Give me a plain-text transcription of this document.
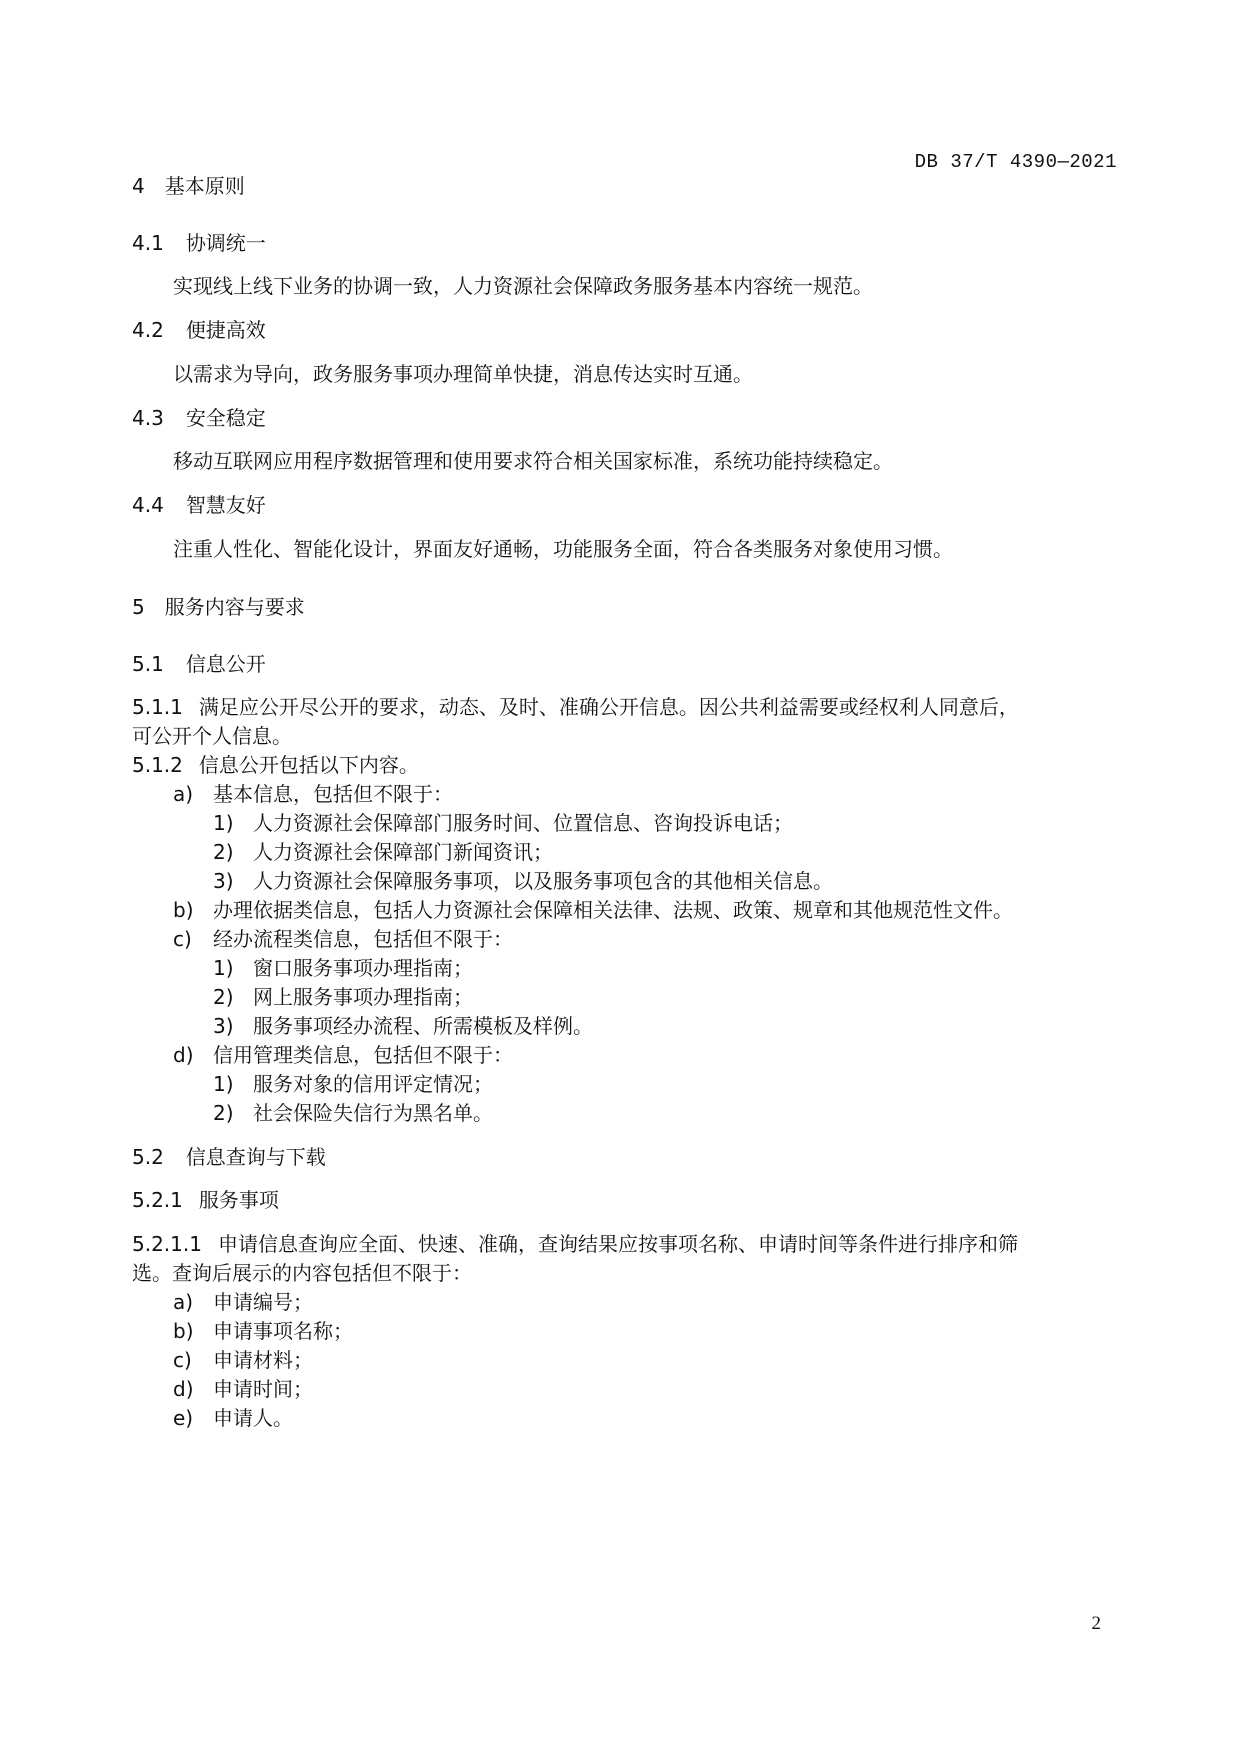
DB 37/T 4390—2021
4 基本原则
4.1 协调统一
实现线上线下业务的协调一致，人力资源社会保障政务服务基本内容统一规范。
4.2 便捷高效
以需求为导向，政务服务事项办理简单快捷，消息传达实时互通。
4.3 安全稳定
移动互联网应用程序数据管理和使用要求符合相关国家标准，系统功能持续稳定。
4.4 智慧友好
注重人性化、智能化设计，界面友好通畅，功能服务全面，符合各类服务对象使用习惯。
5 服务内容与要求
5.1 信息公开
5.1.1 满足应公开尽公开的要求，动态、及时、准确公开信息。因公共利益需要或经权利人同意后，
可公开个人信息。
5.1.2 信息公开包括以下内容。
a) 基本信息，包括但不限于：
1) 人力资源社会保障部门服务时间、位置信息、咨询投诉电话；
2) 人力资源社会保障部门新闻资讯；
3) 人力资源社会保障服务事项，以及服务事项包含的其他相关信息。
b) 办理依据类信息，包括人力资源社会保障相关法律、法规、政策、规章和其他规范性文件。
c) 经办流程类信息，包括但不限于：
1) 窗口服务事项办理指南；
2) 网上服务事项办理指南；
3) 服务事项经办流程、所需模板及样例。
d) 信用管理类信息，包括但不限于：
1) 服务对象的信用评定情况；
2) 社会保险失信行为黑名单。
5.2 信息查询与下载
5.2.1 服务事项
5.2.1.1 申请信息查询应全面、快速、准确，查询结果应按事项名称、申请时间等条件进行排序和筛
选。查询后展示的内容包括但不限于：
a) 申请编号；
b) 申请事项名称；
c) 申请材料；
d) 申请时间；
e) 申请人。
2
